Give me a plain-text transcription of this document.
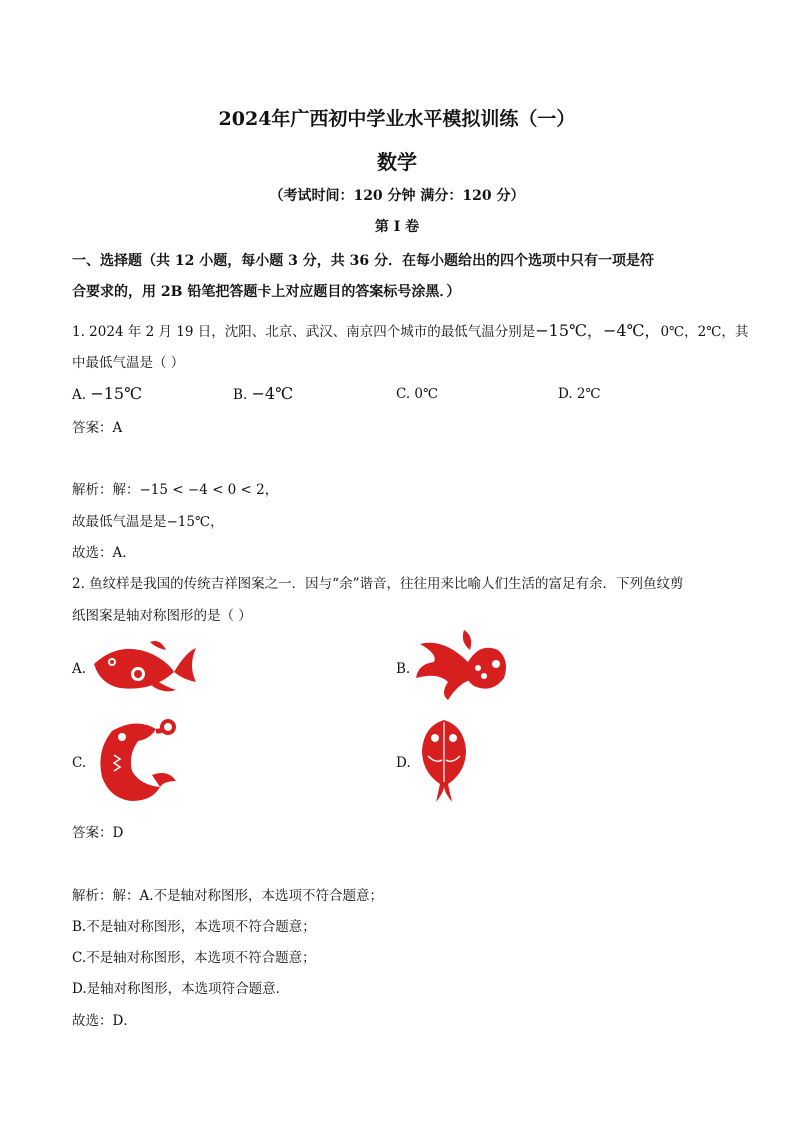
2024年广西初中学业水平模拟训练（一）
数学
（考试时间：120 分钟 满分：120 分）
第 Ⅰ 卷
一、选择题（共 12 小题，每小题 3 分，共 36 分．在每小题给出的四个选项中只有一项是符
合要求的，用 2B 铅笔把答题卡上对应题目的答案标号涂黑．）
1. 2024 年 2 月 19 日，沈阳、北京、武汉、南京四个城市的最低气温分别是−15℃，−4℃，0℃，2℃，其
中最低气温是（ ）
A. −15℃	B. −4℃	C. 0℃	D. 2℃
答案：A
解析：解：−15 < −4 < 0 < 2，
故最低气温是是−15℃，
故选：A．
2. 鱼纹样是我国的传统吉祥图案之一．因与“余”谐音，往往用来比喻人们生活的富足有余．下列鱼纹剪
纸图案是轴对称图形的是（ ）
A.	B.
C.	D.
答案：D
解析：解：A.不是轴对称图形，本选项不符合题意；
B.不是轴对称图形，本选项不符合题意；
C.不是轴对称图形，本选项不符合题意；
D.是轴对称图形，本选项符合题意．
故选：D．
